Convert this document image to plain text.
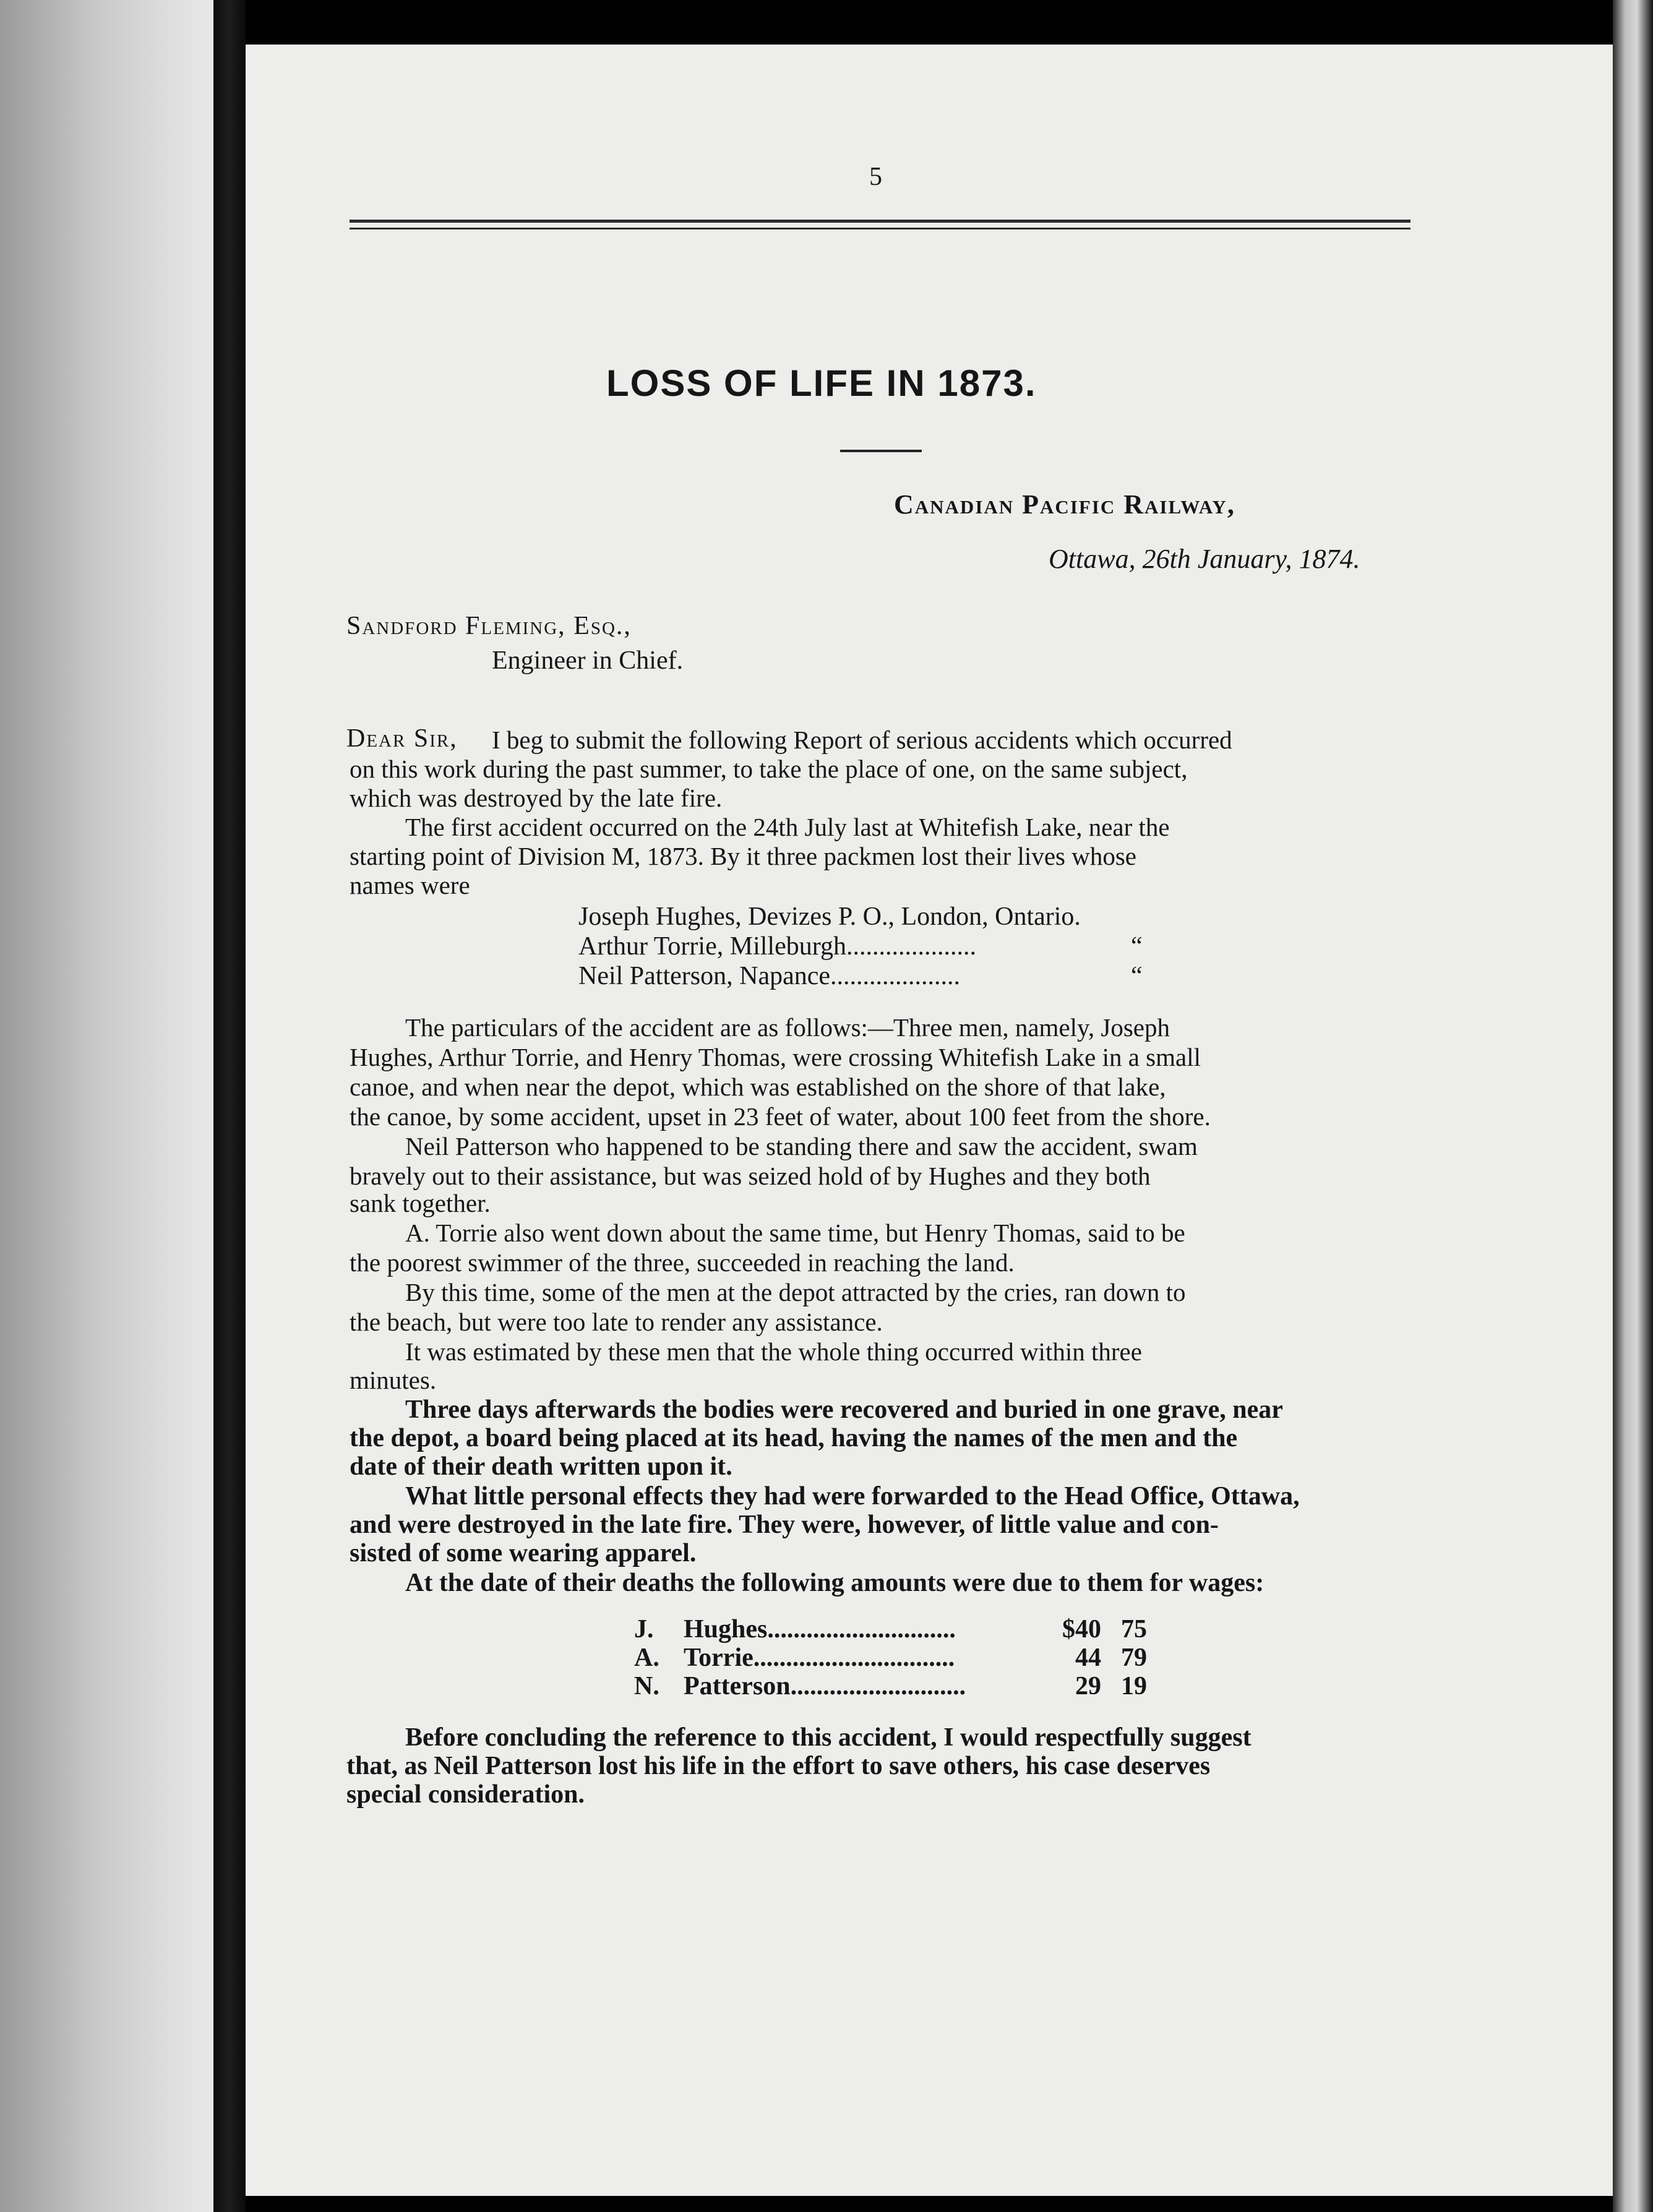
5
LOSS OF LIFE IN 1873.
Canadian Pacific Railway,
Ottawa, 26th January, 1874.
Sandford Fleming, Esq.,
Engineer in Chief.
Dear Sir, I beg to submit the following Report of serious accidents which occurred
on this work during the past summer, to take the place of one, on the same subject,
which was destroyed by the late fire.
The first accident occurred on the 24th July last at Whitefish Lake, near the
starting point of Division M, 1873. By it three packmen lost their lives whose
names were
Joseph Hughes, Devizes P. O., London, Ontario.
Arthur Torrie, Milleburgh....................	“
Neil Patterson, Napance....................	“
The particulars of the accident are as follows:—Three men, namely, Joseph
Hughes, Arthur Torrie, and Henry Thomas, were crossing Whitefish Lake in a small
canoe, and when near the depot, which was established on the shore of that lake,
the canoe, by some accident, upset in 23 feet of water, about 100 feet from the shore.
Neil Patterson who happened to be standing there and saw the accident, swam
bravely out to their assistance, but was seized hold of by Hughes and they both
sank together.
A. Torrie also went down about the same time, but Henry Thomas, said to be
the poorest swimmer of the three, succeeded in reaching the land.
By this time, some of the men at the depot attracted by the cries, ran down to
the beach, but were too late to render any assistance.
It was estimated by these men that the whole thing occurred within three
minutes.
Three days afterwards the bodies were recovered and buried in one grave, near
the depot, a board being placed at its head, having the names of the men and the
date of their death written upon it.
What little personal effects they had were forwarded to the Head Office, Ottawa,
and were destroyed in the late fire. They were, however, of little value and con-
sisted of some wearing apparel.
At the date of their deaths the following amounts were due to them for wages:
J. Hughes.............................	$40 75
A. Torrie...............................	44 79
N. Patterson...........................	29 19
Before concluding the reference to this accident, I would respectfully suggest
that, as Neil Patterson lost his life in the effort to save others, his case deserves
special consideration.
